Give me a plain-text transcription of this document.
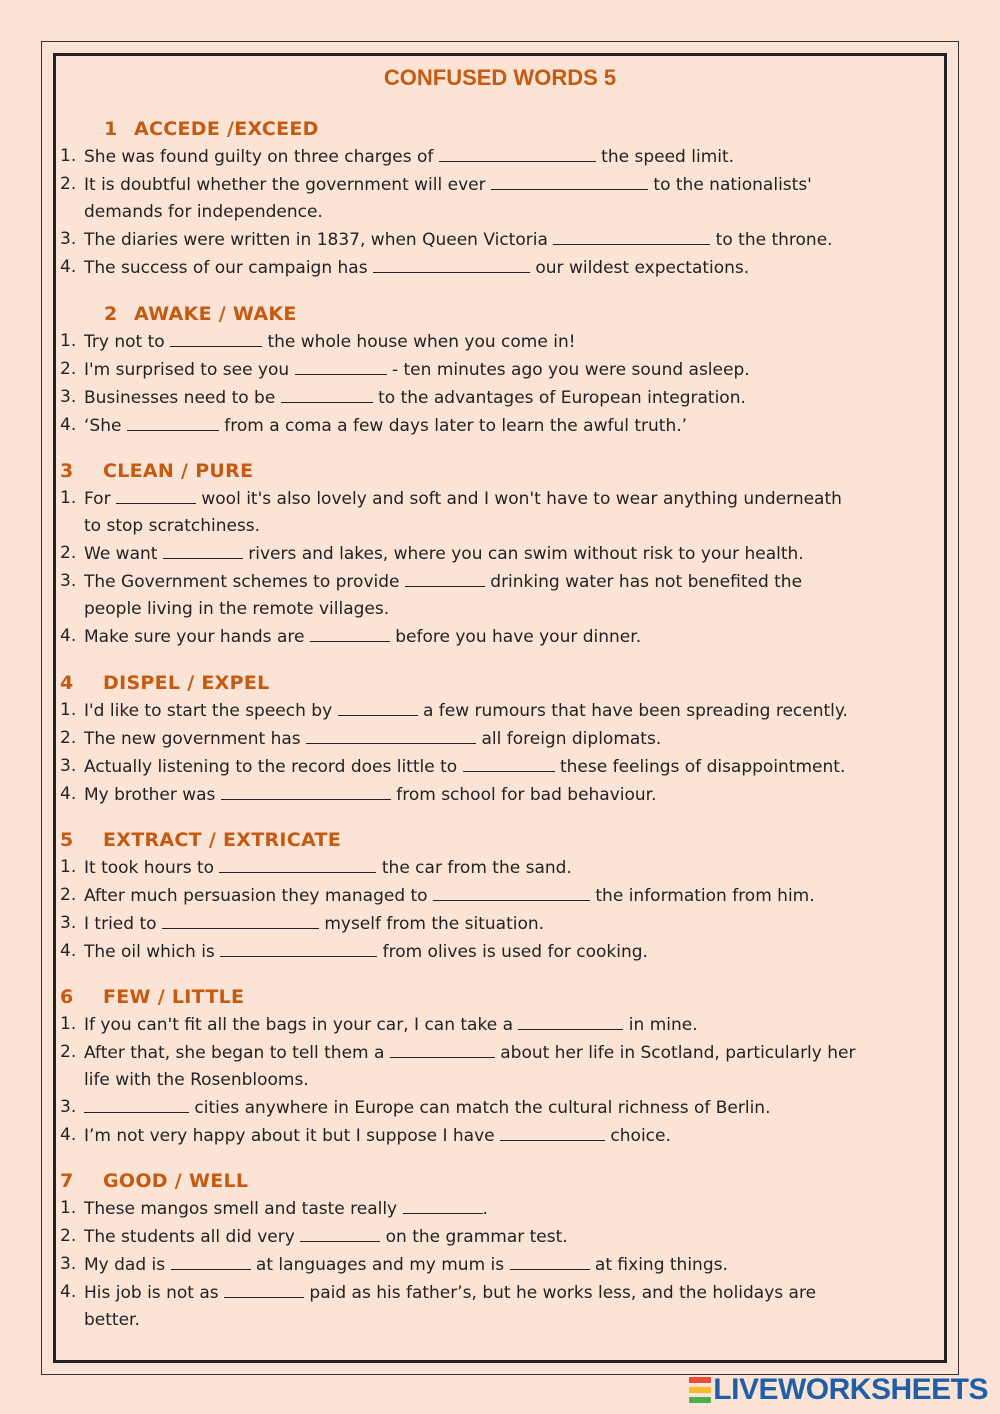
CONFUSED WORDS 5
1 ACCEDE /EXCEED
1. She was found guilty on three charges of	the speed limit.
2. It is doubtful whether the government will ever	to the nationalists'
demands for independence.
3. The diaries were written in 1837, when Queen Victoria	to the throne.
4. The success of our campaign has	our wildest expectations.
2 AWAKE / WAKE
1. Try not to	the whole house when you come in!
2. I'm surprised to see you	- ten minutes ago you were sound asleep.
3. Businesses need to be	to the advantages of European integration.
4. ‘She	from a coma a few days later to learn the awful truth.’
3 CLEAN / PURE
1. For	wool it's also lovely and soft and I won't have to wear anything underneath
to stop scratchiness.
2. We want	rivers and lakes, where you can swim without risk to your health.
3. The Government schemes to provide	drinking water has not benefited the
people living in the remote villages.
4. Make sure your hands are	before you have your dinner.
4 DISPEL / EXPEL
1. I'd like to start the speech by	a few rumours that have been spreading recently.
2. The new government has	all foreign diplomats.
3. Actually listening to the record does little to	these feelings of disappointment.
4. My brother was	from school for bad behaviour.
5 EXTRACT / EXTRICATE
1. It took hours to	the car from the sand.
2. After much persuasion they managed to	the information from him.
3. I tried to	myself from the situation.
4. The oil which is	from olives is used for cooking.
6 FEW / LITTLE
1. If you can't fit all the bags in your car, I can take a	in mine.
2. After that, she began to tell them a	about her life in Scotland, particularly her
life with the Rosenblooms.
3.	cities anywhere in Europe can match the cultural richness of Berlin.
4. I’m not very happy about it but I suppose I have	choice.
7 GOOD / WELL
1. These mangos smell and taste really	.
2. The students all did very	on the grammar test.
3. My dad is	at languages and my mum is	at fixing things.
4. His job is not as	paid as his father’s, but he works less, and the holidays are
better.
LIVEWORKSHEETS
